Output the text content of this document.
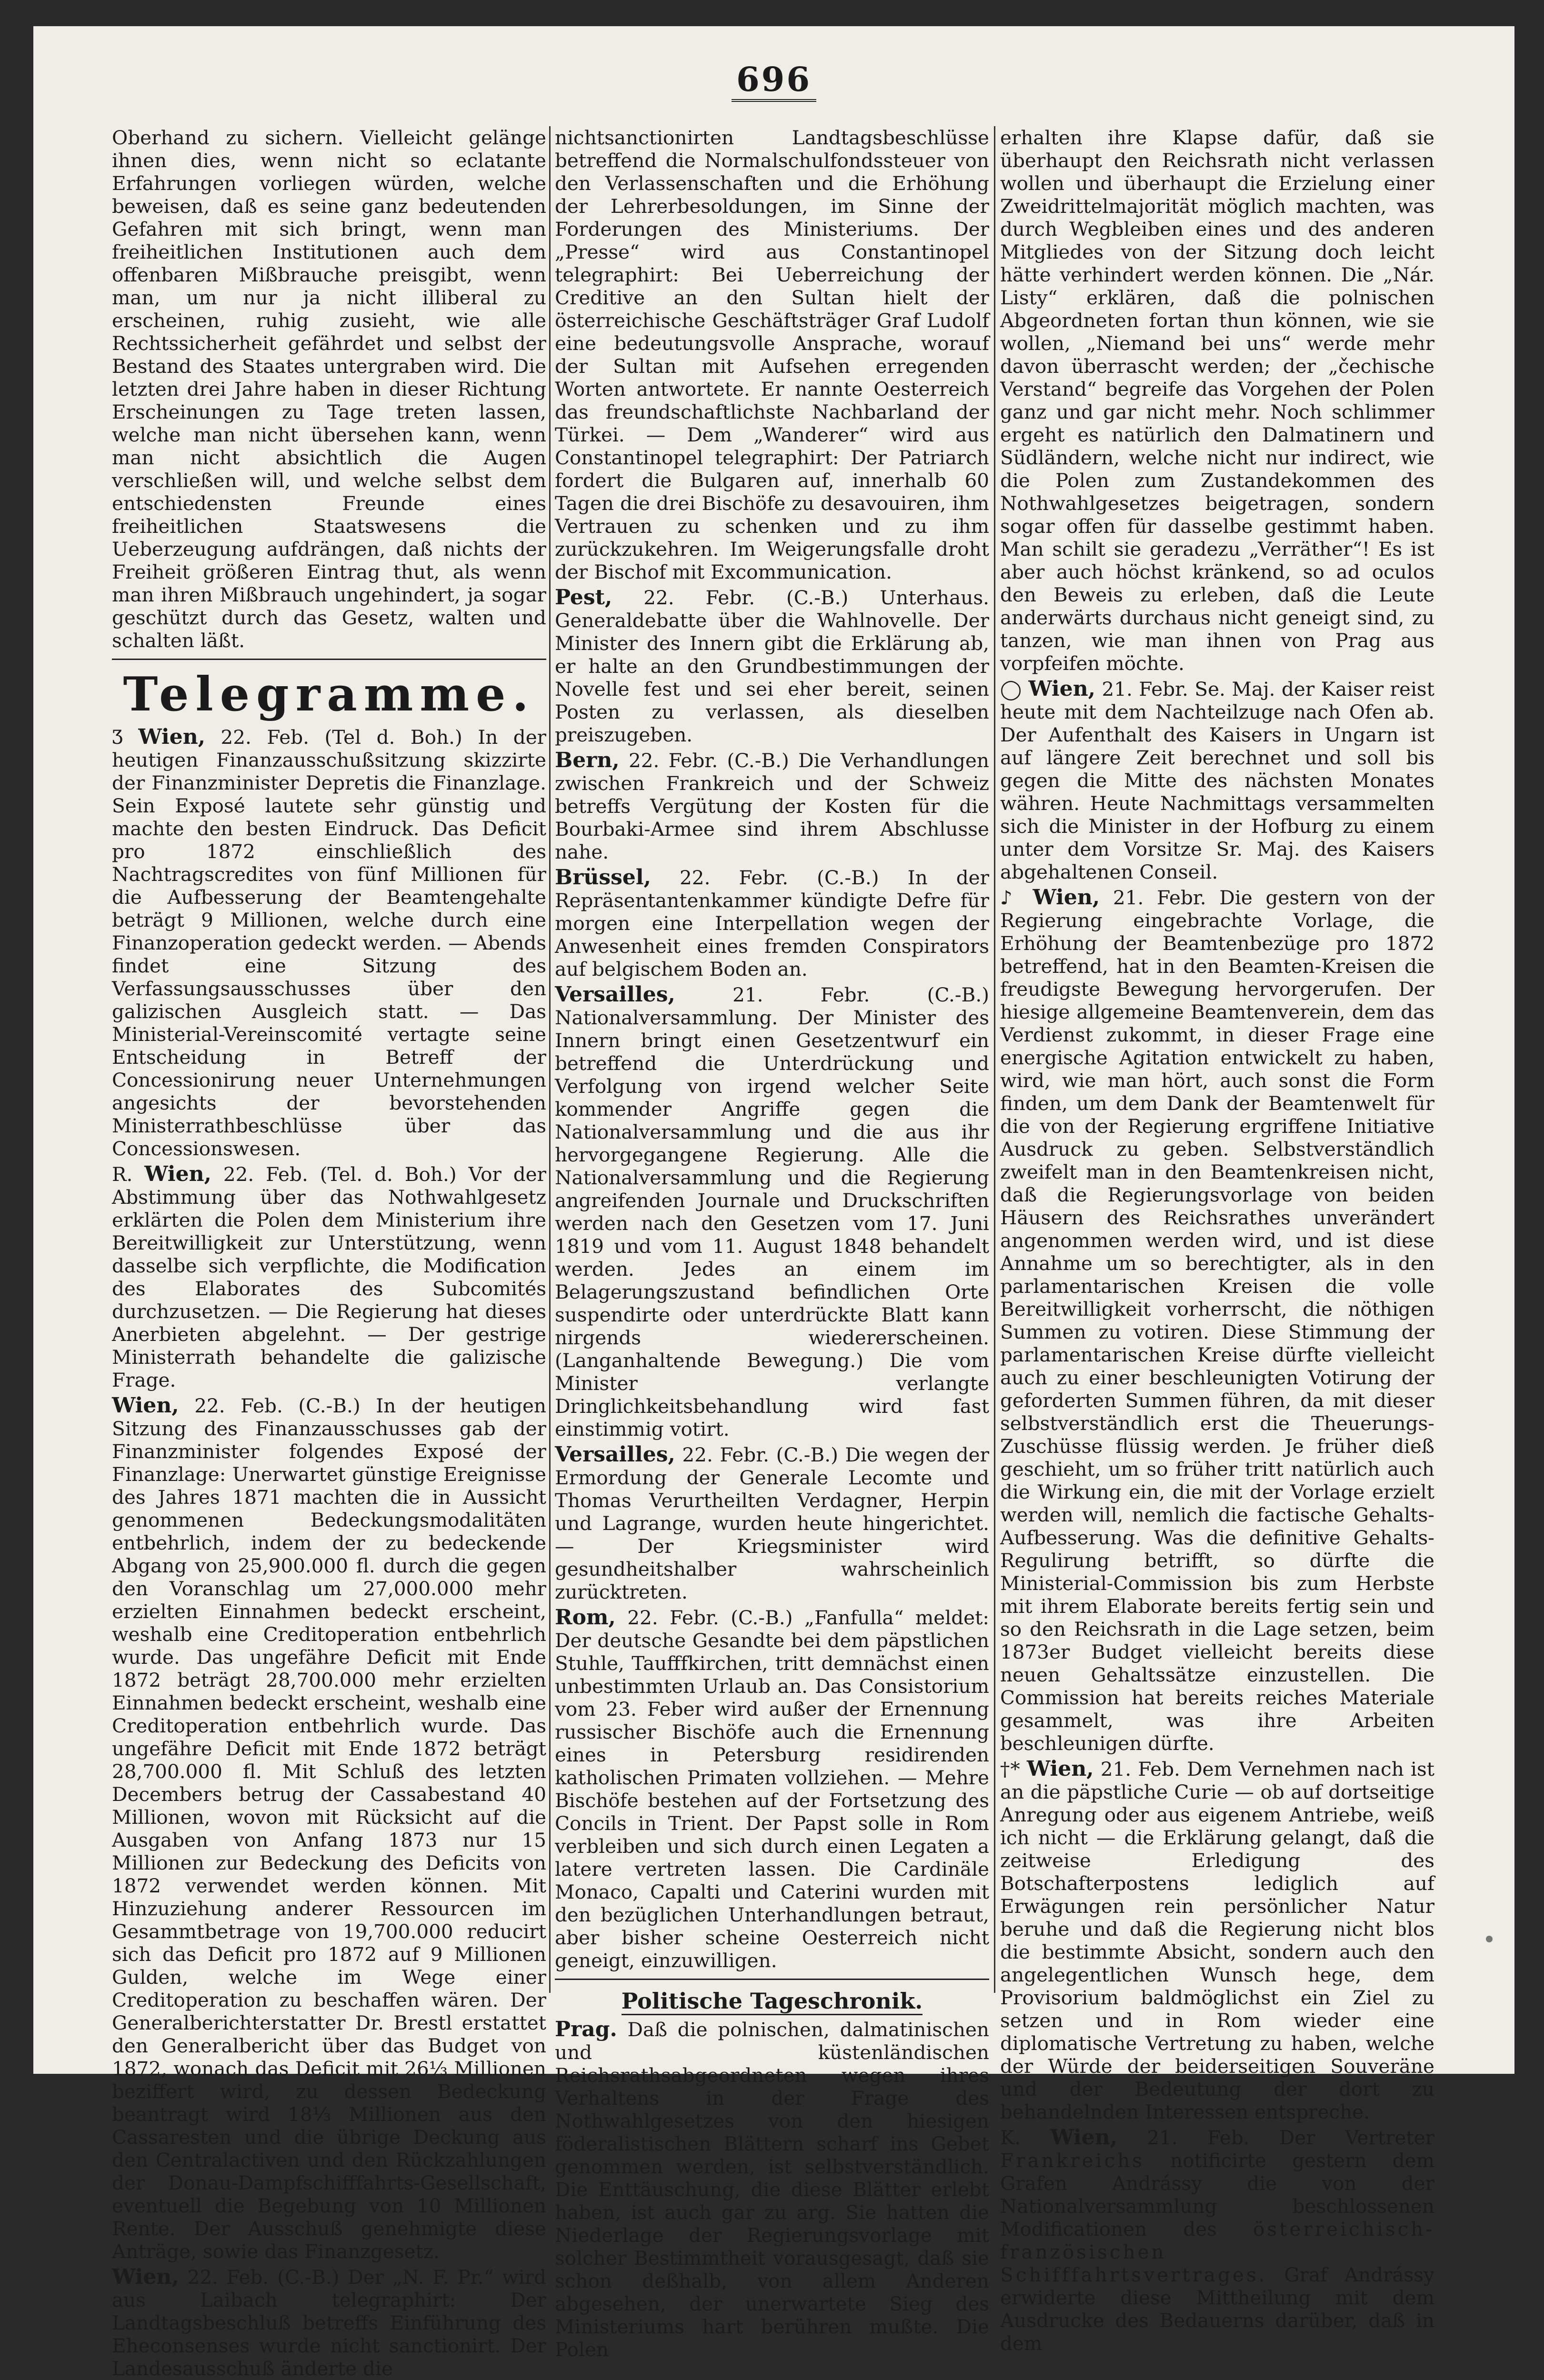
696

Oberhand zu sichern. Vielleicht gelänge ihnen dies, wenn nicht so eclatante Erfahrungen vorliegen würden, welche beweisen, daß es seine ganz bedeutenden Gefahren mit sich bringt, wenn man freiheitlichen Institutionen auch dem offenbaren Mißbrauche preisgibt, wenn man, um nur ja nicht illiberal zu erscheinen, ruhig zusieht, wie alle Rechtssicherheit gefährdet und selbst der Bestand des Staates untergraben wird. Die letzten drei Jahre haben in dieser Richtung Erscheinungen zu Tage treten lassen, welche man nicht übersehen kann, wenn man nicht absichtlich die Augen verschließen will, und welche selbst dem entschiedensten Freunde eines freiheitlichen Staatswesens die Ueberzeugung aufdrängen, daß nichts der Freiheit größeren Eintrag thut, als wenn man ihren Mißbrauch ungehindert, ja sogar geschützt durch das Gesetz, walten und schalten läßt.

Telegramme.

Ʒ Wien, 22. Feb. (Tel d. Boh.) In der heutigen Finanzausschußsitzung skizzirte der Finanzminister Depretis die Finanzlage. Sein Exposé lautete sehr günstig und machte den besten Eindruck. Das Deficit pro 1872 einschließlich des Nachtragscredites von fünf Millionen für die Aufbesserung der Beamtengehalte beträgt 9 Millionen, welche durch eine Finanzoperation gedeckt werden. — Abends findet eine Sitzung des Verfassungsausschusses über den galizischen Ausgleich statt. — Das Ministerial-Vereinscomité vertagte seine Entscheidung in Betreff der Concessionirung neuer Unternehmungen angesichts der bevorstehenden Ministerrathbeschlüsse über das Concessionswesen.

R. Wien, 22. Feb. (Tel. d. Boh.) Vor der Abstimmung über das Nothwahlgesetz erklärten die Polen dem Ministerium ihre Bereitwilligkeit zur Unterstützung, wenn dasselbe sich verpflichte, die Modification des Elaborates des Subcomités durchzusetzen. — Die Regierung hat dieses Anerbieten abgelehnt. — Der gestrige Ministerrath behandelte die galizische Frage.

Wien, 22. Feb. (C.-B.) In der heutigen Sitzung des Finanzausschusses gab der Finanzminister folgendes Exposé der Finanzlage: Unerwartet günstige Ereignisse des Jahres 1871 machten die in Aussicht genommenen Bedeckungsmodalitäten entbehrlich, indem der zu bedeckende Abgang von 25,900.000 fl. durch die gegen den Voranschlag um 27,000.000 mehr erzielten Einnahmen bedeckt erscheint, weshalb eine Creditoperation entbehrlich wurde. Das ungefähre Deficit mit Ende 1872 beträgt 28,700.000 mehr erzielten Einnahmen bedeckt erscheint, weshalb eine Creditoperation entbehrlich wurde. Das ungefähre Deficit mit Ende 1872 beträgt 28,700.000 fl. Mit Schluß des letzten Decembers betrug der Cassabestand 40 Millionen, wovon mit Rücksicht auf die Ausgaben von Anfang 1873 nur 15 Millionen zur Bedeckung des Deficits von 1872 verwendet werden können. Mit Hinzuziehung anderer Ressourcen im Gesammtbetrage von 19,700.000 reducirt sich das Deficit pro 1872 auf 9 Millionen Gulden, welche im Wege einer Creditoperation zu beschaffen wären. Der Generalberichterstatter Dr. Brestl erstattet den Generalbericht über das Budget von 1872, wonach das Deficit mit 26⅓ Millionen beziffert wird, zu dessen Bedeckung beantragt wird 18⅓ Millionen aus den Cassaresten und die übrige Deckung aus den Centralactiven und den Rückzahlungen der Donau-Dampfschifffahrts-Gesellschaft, eventuell die Begebung von 10 Millionen Rente. Der Ausschuß genehmigte diese Anträge, sowie das Finanzgesetz.

Wien, 22. Feb. (C.-B.) Der „N. F. Pr.“ wird aus Laibach telegraphirt: Der Landtagsbeschluß betreffs Einführung des Eheconsenses wurde nicht sanctionirt. Der Landesausschuß änderte die

nichtsanctionirten Landtagsbeschlüsse betreffend die Normalschulfondssteuer von den Verlassenschaften und die Erhöhung der Lehrerbesoldungen, im Sinne der Forderungen des Ministeriums. Der „Presse“ wird aus Constantinopel telegraphirt: Bei Ueberreichung der Creditive an den Sultan hielt der österreichische Geschäftsträger Graf Ludolf eine bedeutungsvolle Ansprache, worauf der Sultan mit Aufsehen erregenden Worten antwortete. Er nannte Oesterreich das freundschaftlichste Nachbarland der Türkei. — Dem „Wanderer“ wird aus Constantinopel telegraphirt: Der Patriarch fordert die Bulgaren auf, innerhalb 60 Tagen die drei Bischöfe zu desavouiren, ihm Vertrauen zu schenken und zu ihm zurückzukehren. Im Weigerungsfalle droht der Bischof mit Excommunication.

Pest, 22. Febr. (C.-B.) Unterhaus. Generaldebatte über die Wahlnovelle. Der Minister des Innern gibt die Erklärung ab, er halte an den Grundbestimmungen der Novelle fest und sei eher bereit, seinen Posten zu verlassen, als dieselben preiszugeben.

Bern, 22. Febr. (C.-B.) Die Verhandlungen zwischen Frankreich und der Schweiz betreffs Vergütung der Kosten für die Bourbaki-Armee sind ihrem Abschlusse nahe.

Brüssel, 22. Febr. (C.-B.) In der Repräsentantenkammer kündigte Defre für morgen eine Interpellation wegen der Anwesenheit eines fremden Conspirators auf belgischem Boden an.

Versailles,	21. Febr. (C.-B.) Nationalversammlung. Der Minister des Innern bringt einen Gesetzentwurf ein betreffend die Unterdrückung und Verfolgung von irgend welcher Seite kommender Angriffe gegen die Nationalversammlung und die aus ihr hervorgegangene Regierung. Alle die Nationalversammlung und die Regierung angreifenden Journale und Druckschriften werden nach den Gesetzen vom 17. Juni 1819 und vom 11. August 1848 behandelt werden. Jedes an einem im Belagerungszustand befindlichen Orte suspendirte oder unterdrückte Blatt kann nirgends wiedererscheinen. (Langanhaltende Bewegung.) Die vom Minister verlangte Dringlichkeitsbehandlung wird fast einstimmig votirt.

Versailles, 22. Febr. (C.-B.) Die wegen der Ermordung der Generale Lecomte und Thomas Verurtheilten Verdagner, Herpin und Lagrange, wurden heute hingerichtet. — Der Kriegsminister wird gesundheitshalber wahrscheinlich zurücktreten.

Rom, 22. Febr. (C.-B.) „Fanfulla“ meldet: Der deutsche Gesandte bei dem päpstlichen Stuhle, Taufffkirchen, tritt demnächst einen unbestimmten Urlaub an. Das Consistorium vom 23. Feber wird außer der Ernennung russischer Bischöfe auch die Ernennung eines in Petersburg residirenden katholischen Primaten vollziehen. — Mehre Bischöfe bestehen auf der Fortsetzung des Concils in Trient. Der Papst solle in Rom verbleiben und sich durch einen Legaten a latere vertreten lassen. Die Cardinäle Monaco, Capalti und Caterini wurden mit den bezüglichen Unterhandlungen betraut, aber bisher scheine Oesterreich nicht geneigt, einzuwilligen.

Politische Tageschronik.

Prag. Daß die polnischen, dalmatinischen und küstenländischen Reichsrathsabgeordneten wegen ihres Verhaltens in der Frage des Nothwahlgesetzes von den hiesigen föderalistischen Blättern scharf ins Gebet genommen werden, ist selbstverständlich. Die Enttäuschung, die diese Blätter erlebt haben, ist auch gar zu arg. Sie hatten die Niederlage der Regierungsvorlage mit solcher Bestimmtheit vorausgesagt, daß sie schon deßhalb, von allem Anderen abgesehen, der unerwartete Sieg des Ministeriums hart berühren mußte. Die Polen

erhalten ihre Klapse dafür, daß sie überhaupt den Reichsrath nicht verlassen wollen und überhaupt die Erzielung einer Zweidrittelmajorität möglich machten, was durch Wegbleiben eines und des anderen Mitgliedes von der Sitzung doch leicht hätte verhindert werden können. Die „Nár. Listy“ erklären, daß die polnischen Abgeordneten fortan thun können, wie sie wollen, „Niemand bei uns“ werde mehr davon überrascht werden; der „čechische Verstand“ begreife das Vorgehen der Polen ganz und gar nicht mehr. Noch schlimmer ergeht es natürlich den Dalmatinern und Südländern, welche nicht nur indirect, wie die Polen zum Zustandekommen des Nothwahlgesetzes beigetragen, sondern sogar offen für dasselbe gestimmt haben. Man schilt sie geradezu „Verräther“! Es ist aber auch höchst kränkend, so ad oculos den Beweis zu erleben, daß die Leute anderwärts durchaus nicht geneigt sind, zu tanzen, wie man ihnen von Prag aus vorpfeifen möchte.

◯ Wien, 21. Febr. Se. Maj. der Kaiser reist heute mit dem Nachteilzuge nach Ofen ab. Der Aufenthalt des Kaisers in Ungarn ist auf längere Zeit berechnet und soll bis gegen die Mitte des nächsten Monates währen. Heute Nachmittags versammelten sich die Minister in der Hofburg zu einem unter dem Vorsitze Sr. Maj. des Kaisers abgehaltenen Conseil.

♪ Wien, 21. Febr. Die gestern von der Regierung eingebrachte Vorlage, die Erhöhung der Beamtenbezüge pro 1872 betreffend, hat in den Beamten-Kreisen die freudigste Bewegung hervorgerufen. Der hiesige allgemeine Beamtenverein, dem das Verdienst zukommt, in dieser Frage eine energische Agitation entwickelt zu haben, wird, wie man hört, auch sonst die Form finden, um dem Dank der Beamtenwelt für die von der Regierung ergriffene Initiative Ausdruck zu geben. Selbstverständlich zweifelt man in den Beamtenkreisen nicht, daß die Regierungsvorlage von beiden Häusern des Reichsrathes unverändert angenommen werden wird, und ist diese Annahme um so berechtigter, als in den parlamentarischen Kreisen die volle Bereitwilligkeit vorherrscht, die nöthigen Summen zu votiren. Diese Stimmung der parlamentarischen Kreise dürfte vielleicht auch zu einer beschleunigten Votirung der geforderten Summen führen, da mit dieser selbstverständlich erst die Theuerungs-Zuschüsse flüssig werden. Je früher dieß geschieht, um so früher tritt natürlich auch die Wirkung ein, die mit der Vorlage erzielt werden will, nemlich die factische Gehalts-Aufbesserung. Was die definitive Gehalts-Regulirung betrifft, so dürfte die Ministerial-Commission bis zum Herbste mit ihrem Elaborate bereits fertig sein und so den Reichsrath in die Lage setzen, beim 1873er Budget vielleicht bereits diese neuen Gehaltssätze einzustellen. Die Commission hat bereits reiches Materiale gesammelt, was ihre Arbeiten beschleunigen dürfte.

†* Wien, 21. Feb. Dem Vernehmen nach ist an die päpstliche Curie — ob auf dortseitige Anregung oder aus eigenem Antriebe, weiß ich nicht — die Erklärung gelangt, daß die zeitweise Erledigung des Botschafterpostens lediglich auf Erwägungen rein persönlicher Natur beruhe und daß die Regierung nicht blos die bestimmte Absicht, sondern auch den angelegentlichen Wunsch hege, dem Provisorium baldmöglichst ein Ziel zu setzen und in Rom wieder eine diplomatische Vertretung zu haben, welche der Würde der beiderseitigen Souveräne und der Bedeutung der dort zu behandelnden Interessen entspreche.

K. Wien, 21. Feb. Der Vertreter Frankreichs notificirte gestern dem Grafen Andrássy die von der Nationalversammlung beschlossenen Modificationen des österreichisch-französischen Schifffahrtsvertrages. Graf Andrássy erwiderte diese Mittheilung mit dem Ausdrucke des Bedauerns darüber, daß in dem
